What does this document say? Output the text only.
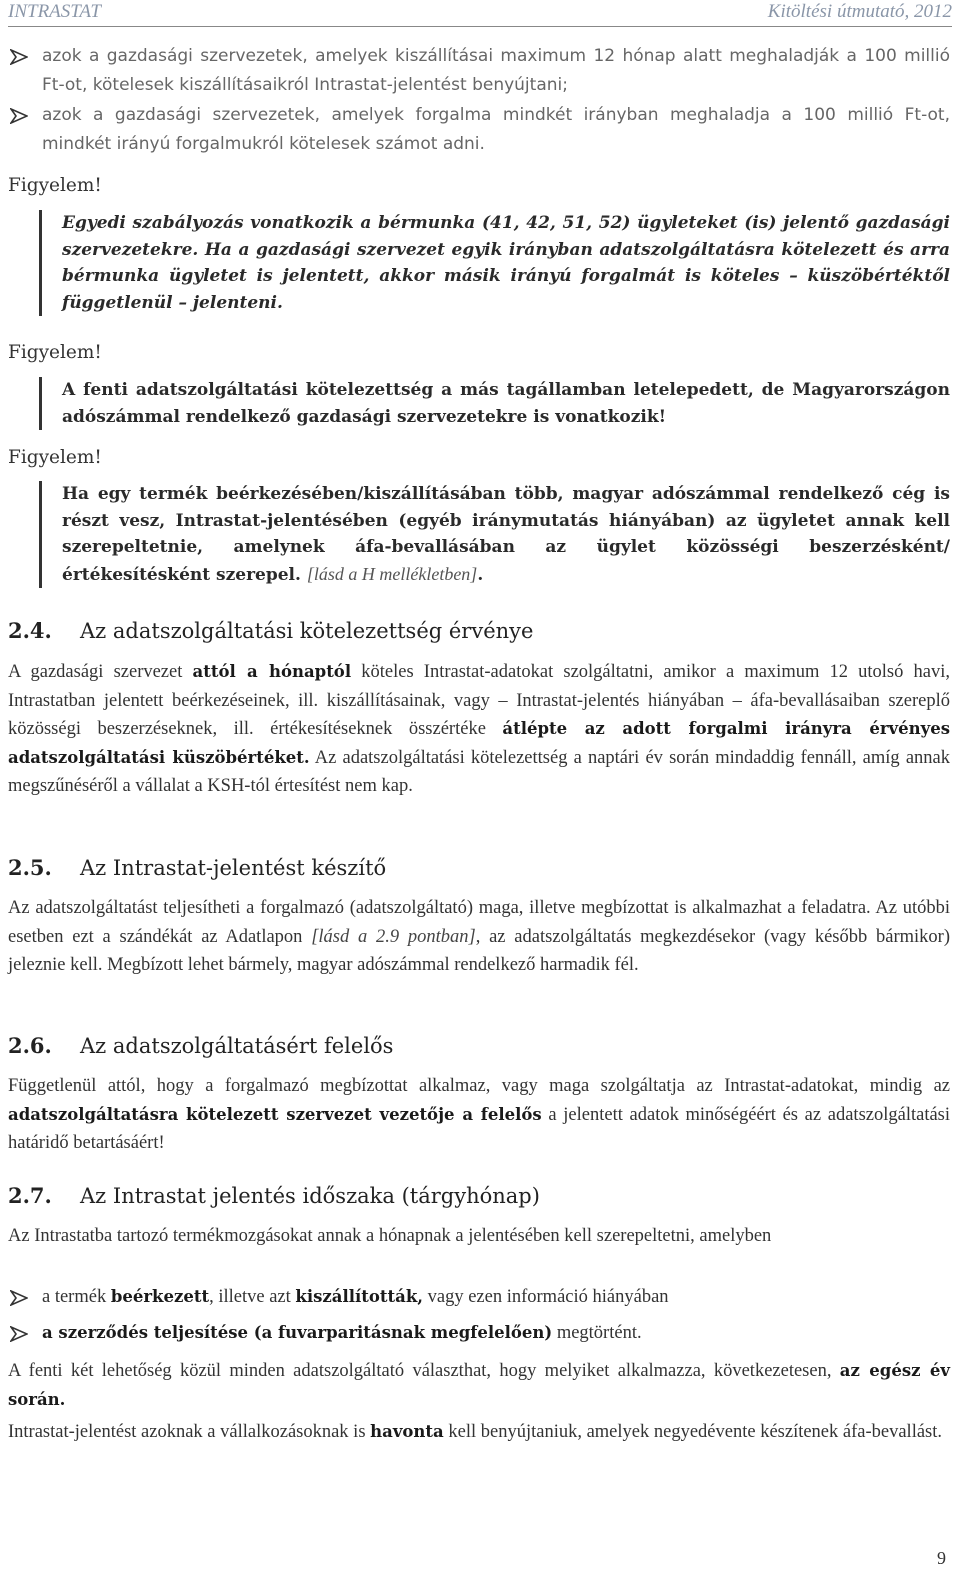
INTRASTAT	Kitöltési útmutató, 2012
azok a gazdasági szervezetek, amelyek kiszállításai maximum 12 hónap alatt meghaladják a 100 millió Ft-ot, kötelesek kiszállításaikról Intrastat-jelentést benyújtani;
azok a gazdasági szervezetek, amelyek forgalma mindkét irányban meghaladja a 100 millió Ft-ot, mindkét irányú forgalmukról kötelesek számot adni.
Figyelem!
Egyedi szabályozás vonatkozik a bérmunka (41, 42, 51, 52) ügyleteket (is) jelentő gazdasági szervezetekre. Ha a gazdasági szervezet egyik irányban adatszolgáltatásra kötelezett és arra bérmunka ügyletet is jelentett, akkor másik irányú forgalmát is köteles – küszöbértéktől függetlenül – jelenteni.
Figyelem!
A fenti adatszolgáltatási kötelezettség a más tagállamban letelepedett, de Magyarországon adószámmal rendelkező gazdasági szervezetekre is vonatkozik!
Figyelem!
Ha egy termék beérkezésében/kiszállításában több, magyar adószámmal rendelkező cég is részt vesz, Intrastat-jelentésében (egyéb iránymutatás hiányában) az ügyletet annak kell szerepeltetnie, amelynek áfa-bevallásában az ügylet közösségi beszerzésként/értékesítésként szerepel. [lásd a H mellékletben].
2.4. Az adatszolgáltatási kötelezettség érvénye
A gazdasági szervezet attól a hónaptól köteles Intrastat-adatokat szolgáltatni, amikor a maximum 12 utolsó havi, Intrastatban jelentett beérkezéseinek, ill. kiszállításainak, vagy – Intrastat-jelentés hiányában – áfa-bevallásaiban szereplő közösségi beszerzéseknek, ill. értékesítéseknek összértéke átlépte az adott forgalmi irányra érvényes adatszolgáltatási küszöbértéket. Az adatszolgáltatási kötelezettség a naptári év során mindaddig fennáll, amíg annak megszűnéséről a vállalat a KSH-tól értesítést nem kap.
2.5. Az Intrastat-jelentést készítő
Az adatszolgáltatást teljesítheti a forgalmazó (adatszolgáltató) maga, illetve megbízottat is alkalmazhat a feladatra. Az utóbbi esetben ezt a szándékát az Adatlapon [lásd a 2.9 pontban], az adatszolgáltatás megkezdésekor (vagy később bármikor) jeleznie kell. Megbízott lehet bármely, magyar adószámmal rendelkező harmadik fél.
2.6. Az adatszolgáltatásért felelős
Függetlenül attól, hogy a forgalmazó megbízottat alkalmaz, vagy maga szolgáltatja az Intrastat-adatokat, mindig az adatszolgáltatásra kötelezett szervezet vezetője a felelős a jelentett adatok minőségéért és az adatszolgáltatási határidő betartásáért!
2.7. Az Intrastat jelentés időszaka (tárgyhónap)
Az Intrastatba tartozó termékmozgásokat annak a hónapnak a jelentésében kell szerepeltetni, amelyben
a termék beérkezett, illetve azt kiszállították, vagy ezen információ hiányában
a szerződés teljesítése (a fuvarparitásnak megfelelően) megtörtént.
A fenti két lehetőség közül minden adatszolgáltató választhat, hogy melyiket alkalmazza, következetesen, az egész év során.
Intrastat-jelentést azoknak a vállalkozásoknak is havonta kell benyújtaniuk, amelyek negyedévente készítenek áfa-bevallást.
9
